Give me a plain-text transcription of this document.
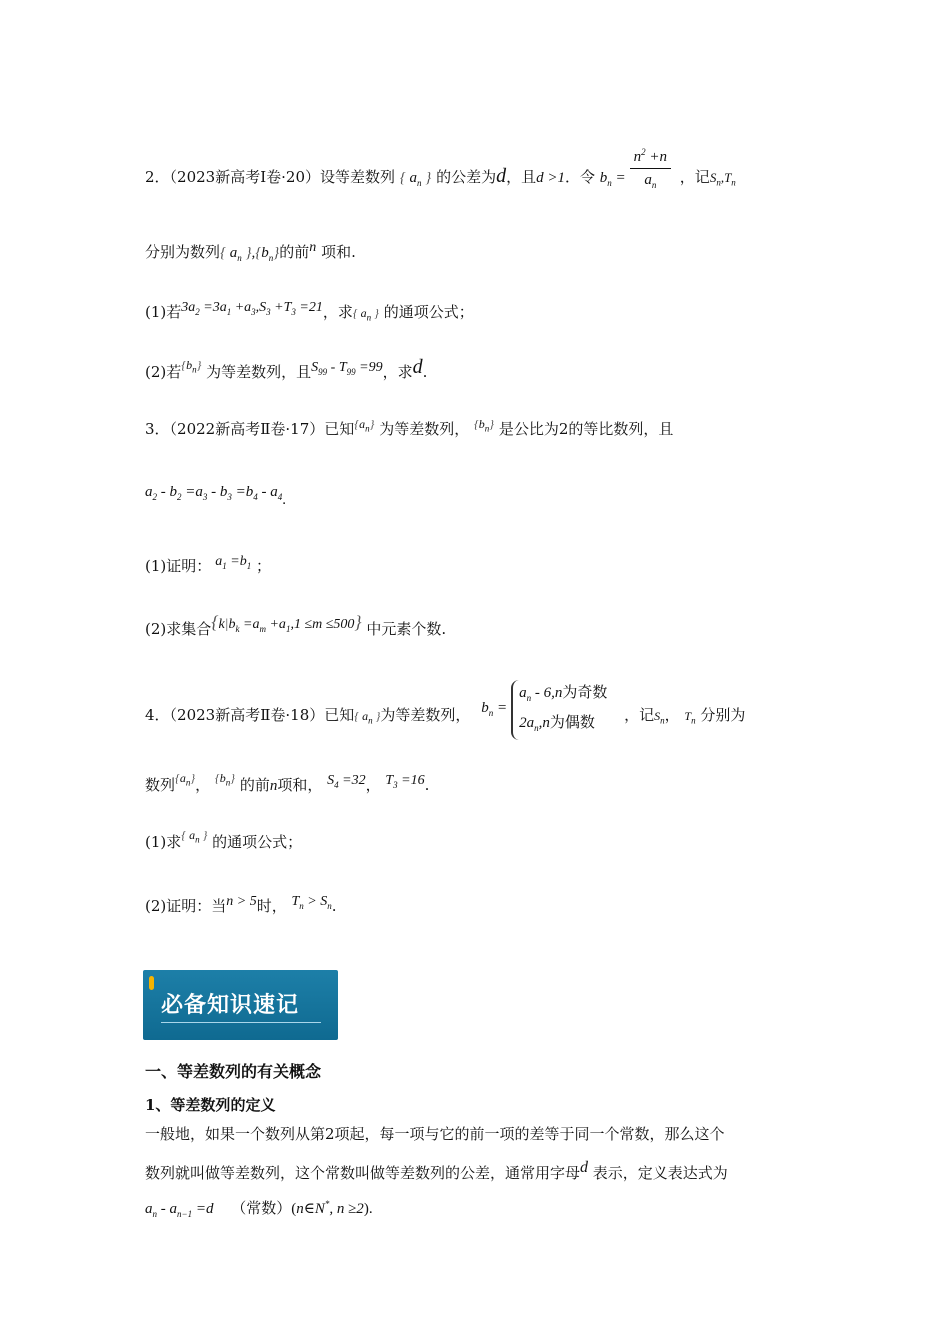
2．（2023新高考Ⅰ卷·20）设等差数列 { $a_n$ } 的公差为d，且d >1．令 $b_n = \frac{n^2 +n}{a_n}$ ，记$S_n,T_n$
分别为数列{ $a_n$ }$,\{b_n\}$的前$^n$ 项和.
(1)若$^{3a_2 =3a_1 +a_3,S_3 +T_3 =21}$，求{ $a_n$ } 的通项公式；
(2)若$^{\{b_n\}}$ 为等差数列，且$^{S_{99} - T_{99} =99}$，求d.
3．（2022新高考Ⅱ卷·17）已知$^{\{a_n\}}$ 为等差数列， $^{\{b_n\}}$ 是公比为2的等比数列，且
$a_2 - b_2 =a_3 - b_3 =b_4 - a_4$.
(1)证明： $^{a_1 =b_1}$ ；
(2)求集合$^{\{k|b_k =a_m +a_1,1 \le m \le 500\}}$ 中元素个数.
4．（2023新高考Ⅱ卷·18）已知{ $a_n$ }为等差数列， $b_n$ =
$a_n - 6,n$为奇数
$2a_n,n$为偶数	，记$S_n$， $T_n$ 分别为
数列$^{\{a_n\}}$， $^{\{b_n\}}$ 的前n项和， $^{S_4 =32}$， $^{T_3 =16}$.
(1)求$^{\{ a_n \}}$ 的通项公式；
(2)证明：当$^{n > 5}$时， $^{T_n > S_n}$.
必备知识速记
一、等差数列的有关概念
1、等差数列的定义
一般地，如果一个数列从第2项起，每一项与它的前一项的差等于同一个常数，那么这个
数列就叫做等差数列，这个常数叫做等差数列的公差，通常用字母$^d$ 表示，定义表达式为
$a_n - a_{n-1} =d$ （常数）(n∈N*, n ≥2).
